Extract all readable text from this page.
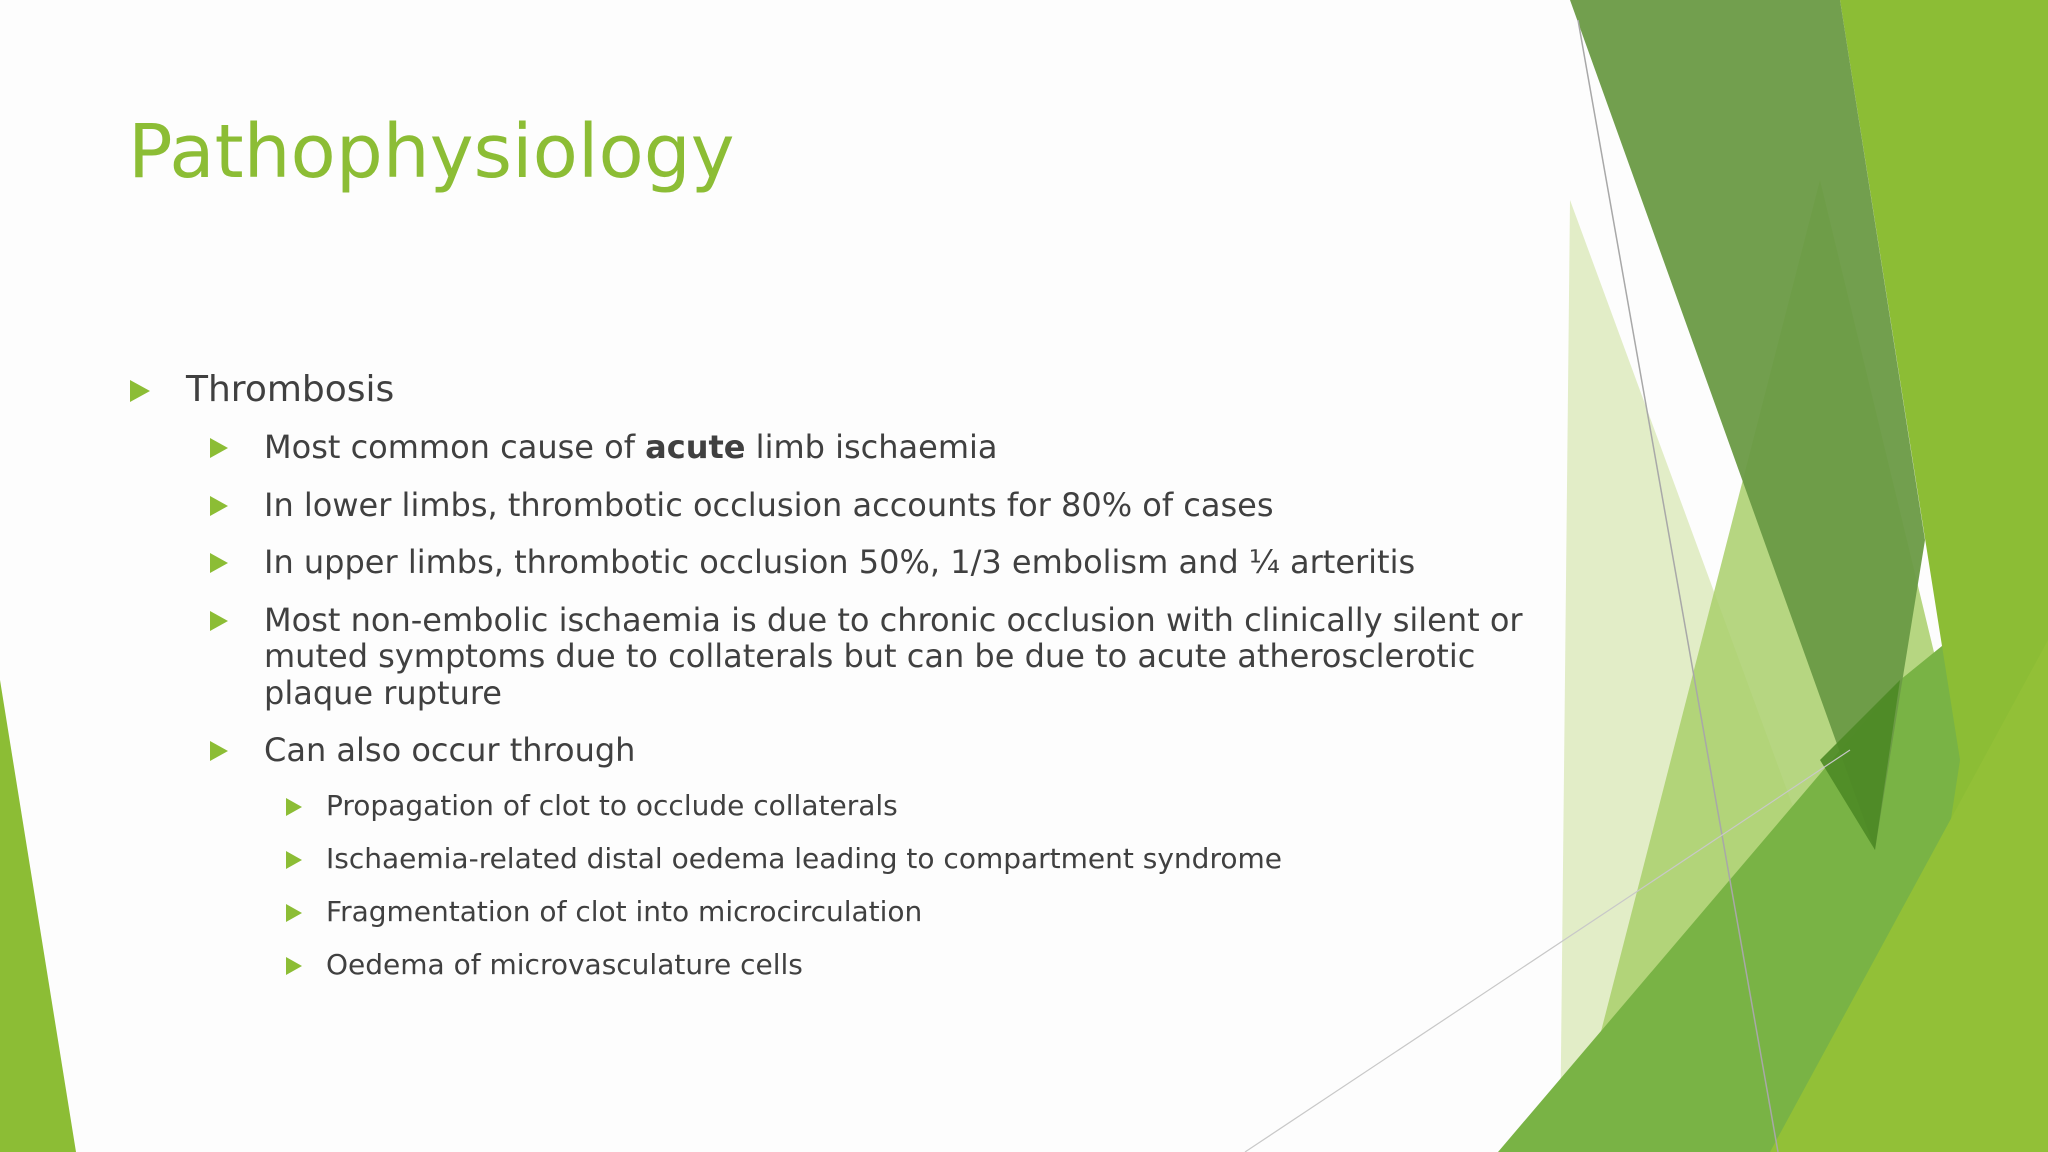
Pathophysiology
Thrombosis
Most common cause of acute limb ischaemia
In lower limbs, thrombotic occlusion accounts for 80% of cases
In upper limbs, thrombotic occlusion 50%, 1/3 embolism and ¼ arteritis
Most non-embolic ischaemia is due to chronic occlusion with clinically silent or muted symptoms due to collaterals but can be due to acute atherosclerotic plaque rupture
Can also occur through
Propagation of clot to occlude collaterals
Ischaemia-related distal oedema leading to compartment syndrome
Fragmentation of clot into microcirculation
Oedema of microvasculature cells
